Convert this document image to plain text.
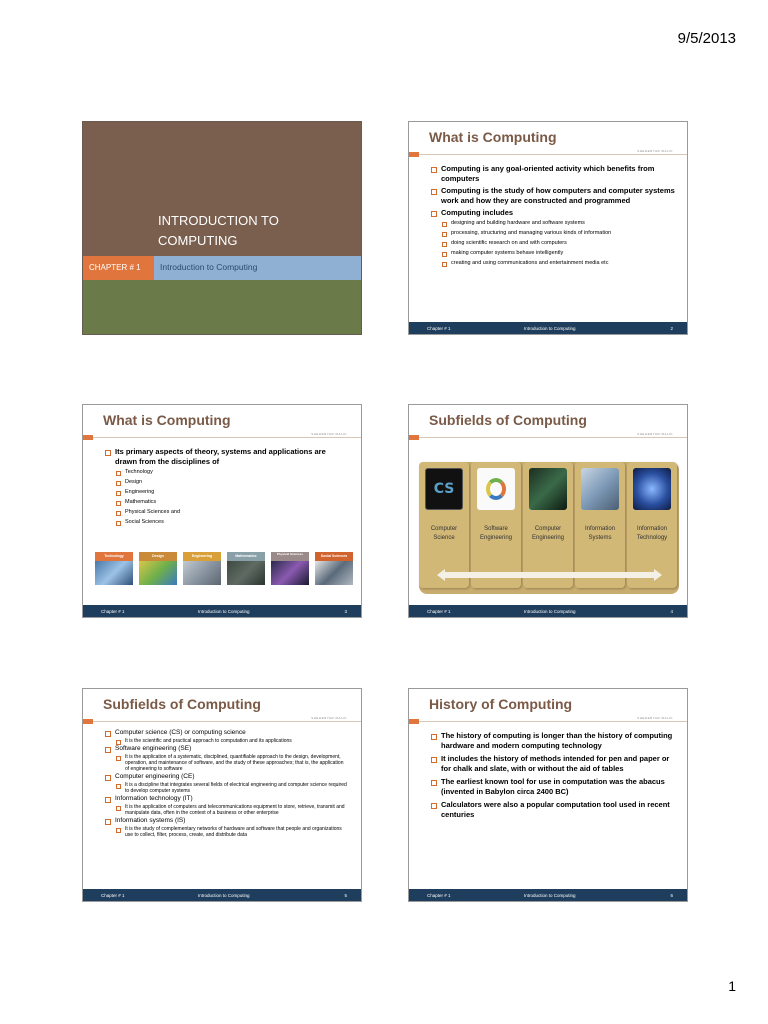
9/5/2013
INTRODUCTION TO
COMPUTING
CHAPTER # 1	Introduction to Computing
What is Computing
SHEHERYAR MALIK
Computing is any goal-oriented activity which benefits from computers
Computing is the study of how computers and computer systems work and how they are constructed and programmed
Computing includes
designing and building hardware and software systems
processing, structuring and managing various kinds of information
doing scientific research on and with computers
making computer systems behave intelligently
creating and using communications and entertainment media etc
Chapter # 1	Introduction to Computing	2
What is Computing
SHEHERYAR MALIK
Its primary aspects of theory, systems and applications are drawn from the disciplines of
Technology
Design
Engineering
Mathematics
Physical Sciences and
Social Sciences
Technology	Design	Engineering	Mathematics	Physical Sciences	Social Sciences
Chapter # 1	Introduction to Computing	3
Subfields of Computing
SHEHERYAR MALIK
CS
Computer
Science
Software
Engineering
Computer
Engineering
Information
Systems
Information
Technology
Chapter # 1	Introduction to Computing	4
Subfields of Computing
SHEHERYAR MALIK
Computer science (CS) or computing science
It is the scientific and practical approach to computation and its applications
Software engineering (SE)
It is the application of a systematic, disciplined, quantifiable approach to the design, development, operation, and maintenance of software, and the study of these approaches; that is, the application of engineering to software
Computer engineering (CE)
It is a discipline that integrates several fields of electrical engineering and computer science required to develop computer systems
Information technology (IT)
It is the application of computers and telecommunications equipment to store, retrieve, transmit and manipulate data, often in the context of a business or other enterprise
Information systems (IS)
It is the study of complementary networks of hardware and software that people and organizations use to collect, filter, process, create, and distribute data
Chapter # 1	Introduction to Computing	5
History of Computing
SHEHERYAR MALIK
The history of computing is longer than the history of computing hardware and modern computing technology
It includes the history of methods intended for pen and paper or for chalk and slate, with or without the aid of tables
The earliest known tool for use in computation was the abacus (invented in Babylon circa 2400 BC)
Calculators were also a popular computation tool used in recent centuries
Chapter # 1	Introduction to Computing	6
1
